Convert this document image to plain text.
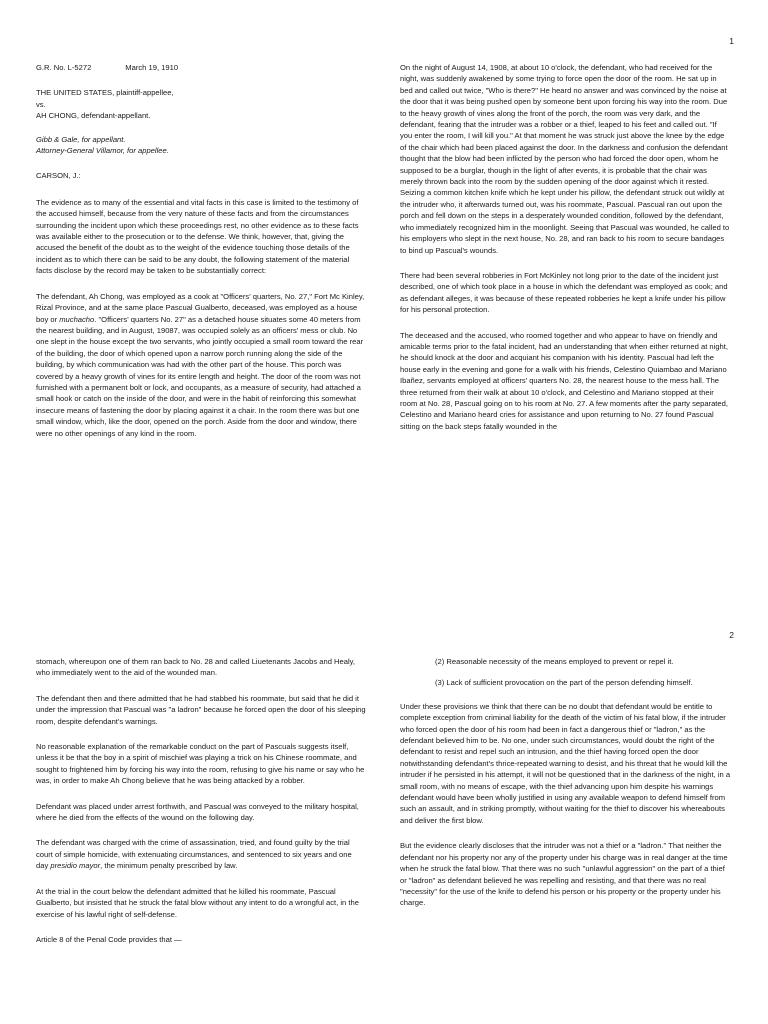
1

G.R. No. L-5272	March 19, 1910

THE UNITED STATES, plaintiff-appellee,
vs.
AH CHONG, defendant-appellant.

Gibb & Gale, for appellant.
Attorney-General Villamor, for appellee.

CARSON, J.:

The evidence as to many of the essential and vital facts in this case is limited to the testimony of the accused himself, because from the very nature of these facts and from the circumstances surrounding the incident upon which these proceedings rest, no other evidence as to these facts was available either to the prosecution or to the defense. We think, however, that, giving the accused the benefit of the doubt as to the weight of the evidence touching those details of the incident as to which there can be said to be any doubt, the following statement of the material facts disclose by the record may be taken to be substantially correct:

The defendant, Ah Chong, was employed as a cook at "Officers' quarters, No. 27," Fort Mc Kinley, Rizal Province, and at the same place Pascual Gualberto, deceased, was employed as a house boy or muchacho. "Officers' quarters No. 27" as a detached house situates some 40 meters from the nearest building, and in August, 19087, was occupied solely as an officers' mess or club. No one slept in the house except the two servants, who jointly occupied a small room toward the rear of the building, the door of which opened upon a narrow porch running along the side of the building, by which communication was had with the other part of the house. This porch was covered by a heavy growth of vines for its entire length and height. The door of the room was not furnished with a permanent bolt or lock, and occupants, as a measure of security, had attached a small hook or catch on the inside of the door, and were in the habit of reinforcing this somewhat insecure means of fastening the door by placing against it a chair. In the room there was but one small window, which, like the door, opened on the porch. Aside from the door and window, there were no other openings of any kind in the room.

On the night of August 14, 1908, at about 10 o'clock, the defendant, who had received for the night, was suddenly awakened by some trying to force open the door of the room. He sat up in bed and called out twice, "Who is there?" He heard no answer and was convinced by the noise at the door that it was being pushed open by someone bent upon forcing his way into the room. Due to the heavy growth of vines along the front of the porch, the room was very dark, and the defendant, fearing that the intruder was a robber or a thief, leaped to his feet and called out. "If you enter the room, I will kill you." At that moment he was struck just above the knee by the edge of the chair which had been placed against the door. In the darkness and confusion the defendant thought that the blow had been inflicted by the person who had forced the door open, whom he supposed to be a burglar, though in the light of after events, it is probable that the chair was merely thrown back into the room by the sudden opening of the door against which it rested. Seizing a common kitchen knife which he kept under his pillow, the defendant struck out wildly at the intruder who, it afterwards turned out, was his roommate, Pascual. Pascual ran out upon the porch and fell down on the steps in a desperately wounded condition, followed by the defendant, who immediately recognized him in the moonlight. Seeing that Pascual was wounded, he called to his employers who slept in the next house, No. 28, and ran back to his room to secure bandages to bind up Pascual's wounds.

There had been several robberies in Fort McKinley not long prior to the date of the incident just described, one of which took place in a house in which the defendant was employed as cook; and as defendant alleges, it was because of these repeated robberies he kept a knife under his pillow for his personal protection.

The deceased and the accused, who roomed together and who appear to have on friendly and amicable terms prior to the fatal incident, had an understanding that when either returned at night, he should knock at the door and acquiant his companion with his identity. Pascual had left the house early in the evening and gone for a walk with his friends, Celestino Quiambao and Mariano Ibañez, servants employed at officers' quarters No. 28, the nearest house to the mess hall. The three returned from their walk at about 10 o'clock, and Celestino and Mariano stopped at their room at No. 28, Pascual going on to his room at No. 27. A few moments after the party separated, Celestino and Mariano heard cries for assistance and upon returning to No. 27 found Pascual sitting on the back steps fatally wounded in the

2

stomach, whereupon one of them ran back to No. 28 and called Liuetenants Jacobs and Healy, who immediately went to the aid of the wounded man.

The defendant then and there admitted that he had stabbed his roommate, but said that he did it under the impression that Pascual was "a ladron" because he forced open the door of his sleeping room, despite defendant's warnings.

No reasonable explanation of the remarkable conduct on the part of Pascuals suggests itself, unless it be that the boy in a spirit of mischief was playing a trick on his Chinese roommate, and sought to frightened him by forcing his way into the room, refusing to give his name or say who he was, in order to make Ah Chong believe that he was being attacked by a robber.

Defendant was placed under arrest forthwith, and Pascual was conveyed to the military hospital, where he died from the effects of the wound on the following day.

The defendant was charged with the crime of assassination, tried, and found guilty by the trial court of simple homicide, with extenuating circumstances, and sentenced to six years and one day presidio mayor, the minimum penalty prescribed by law.

At the trial in the court below the defendant admitted that he killed his roommate, Pascual Gualberto, but insisted that he struck the fatal blow without any intent to do a wrongful act, in the exercise of his lawful right of self-defense.

Article 8 of the Penal Code provides that —

(2) Reasonable necessity of the means employed to prevent or repel it.

(3) Lack of sufficient provocation on the part of the person defending himself.

Under these provisions we think that there can be no doubt that defendant would be entitle to complete exception from criminal liability for the death of the victim of his fatal blow, if the intruder who forced open the door of his room had been in fact a dangerous thief or "ladron," as the defendant believed him to be. No one, under such circumstances, would doubt the right of the defendant to resist and repel such an intrusion, and the thief having forced open the door notwithstanding defendant's thrice-repeated warning to desist, and his threat that he would kill the intruder if he persisted in his attempt, it will not be questioned that in the darkness of the night, in a small room, with no means of escape, with the thief advancing upon him despite his warnings defendant would have been wholly justified in using any available weapon to defend himself from such an assault, and in striking promptly, without waiting for the thief to discover his whereabouts and deliver the first blow.

But the evidence clearly discloses that the intruder was not a thief or a "ladron." That neither the defendant nor his property nor any of the property under his charge was in real danger at the time when he struck the fatal blow. That there was no such "unlawful aggression" on the part of a thief or "ladron" as defendant believed he was repelling and resisting, and that there was no real "necessity" for the use of the knife to defend his person or his property or the property under his charge.
